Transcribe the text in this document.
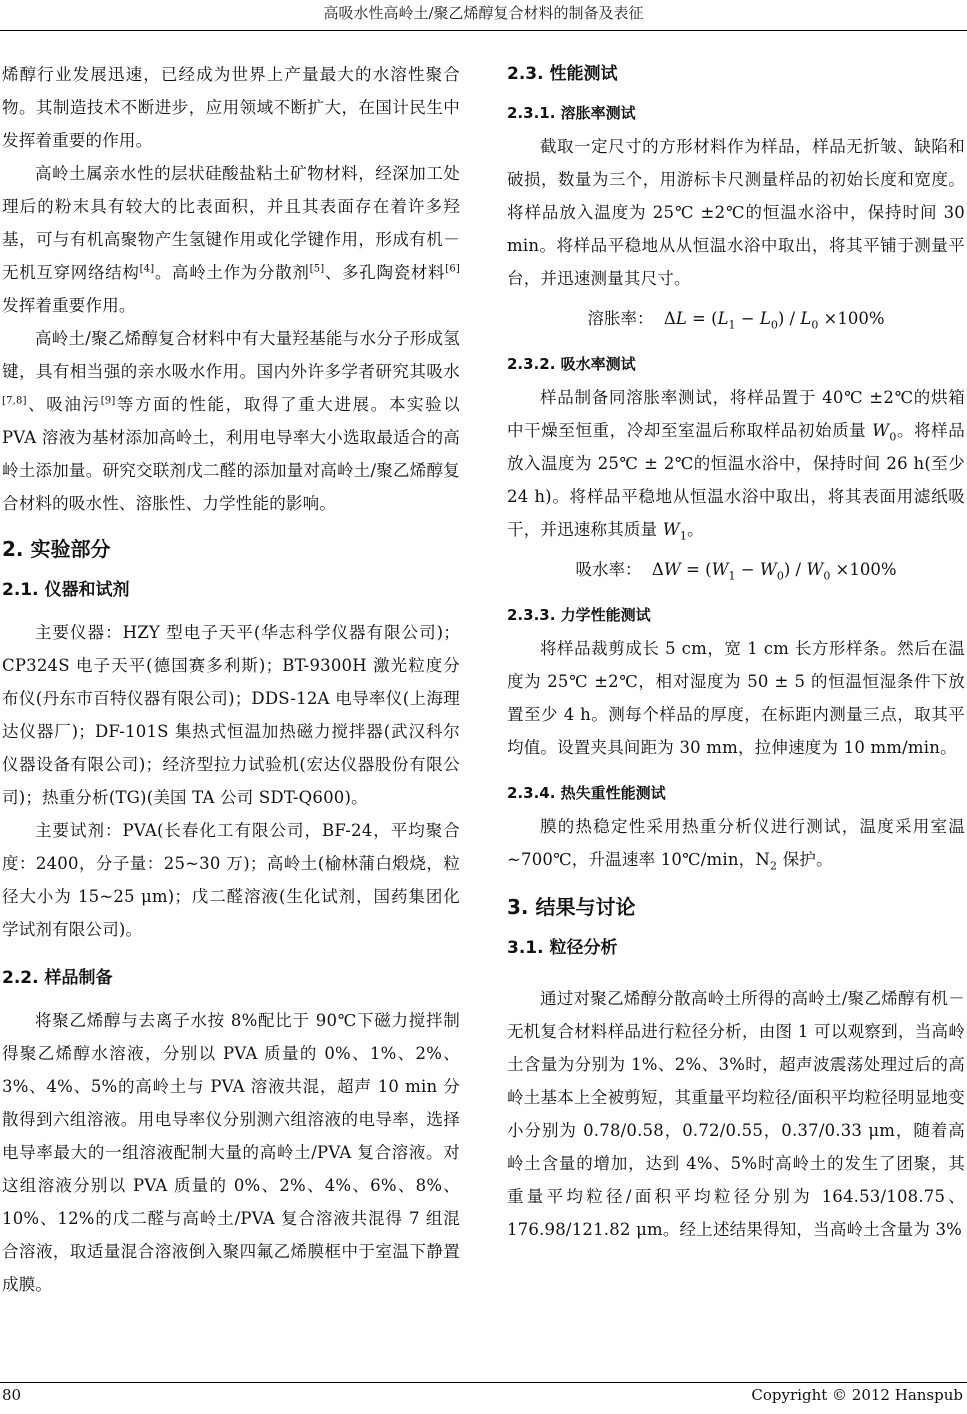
高吸水性高岭土/聚乙烯醇复合材料的制备及表征

烯醇行业发展迅速，已经成为世界上产量最大的水溶性聚合物。其制造技术不断进步，应用领域不断扩大，在国计民生中发挥着重要的作用。

高岭土属亲水性的层状硅酸盐粘土矿物材料，经深加工处理后的粉末具有较大的比表面积，并且其表面存在着许多羟基，可与有机高聚物产生氢键作用或化学键作用，形成有机－无机互穿网络结构[4]。高岭土作为分散剂[5]、多孔陶瓷材料[6]发挥着重要作用。

高岭土/聚乙烯醇复合材料中有大量羟基能与水分子形成氢键，具有相当强的亲水吸水作用。国内外许多学者研究其吸水[7,8]、吸油污[9]等方面的性能，取得了重大进展。本实验以 PVA 溶液为基材添加高岭土，利用电导率大小选取最适合的高岭土添加量。研究交联剂戊二醛的添加量对高岭土/聚乙烯醇复合材料的吸水性、溶胀性、力学性能的影响。

2. 实验部分
2.1. 仪器和试剂

主要仪器：HZY 型电子天平(华志科学仪器有限公司)；CP324S 电子天平(德国赛多利斯)；BT-9300H 激光粒度分布仪(丹东市百特仪器有限公司)；DDS-12A 电导率仪(上海理达仪器厂)；DF-101S 集热式恒温加热磁力搅拌器(武汉科尔仪器设备有限公司)；经济型拉力试验机(宏达仪器股份有限公司)；热重分析(TG)(美国 TA 公司 SDT-Q600)。

主要试剂：PVA(长春化工有限公司，BF-24，平均聚合度：2400，分子量：25~30 万)；高岭土(榆林蒲白煅烧，粒径大小为 15~25 μm)；戊二醛溶液(生化试剂，国药集团化学试剂有限公司)。

2.2. 样品制备

将聚乙烯醇与去离子水按 8%配比于 90℃下磁力搅拌制得聚乙烯醇水溶液，分别以 PVA 质量的 0%、1%、2%、3%、4%、5%的高岭土与 PVA 溶液共混，超声 10 min 分散得到六组溶液。用电导率仪分别测六组溶液的电导率，选择电导率最大的一组溶液配制大量的高岭土/PVA 复合溶液。对这组溶液分别以 PVA 质量的 0%、2%、4%、6%、8%、10%、12%的戊二醛与高岭土/PVA 复合溶液共混得 7 组混合溶液，取适量混合溶液倒入聚四氟乙烯膜框中于室温下静置成膜。

2.3. 性能测试
2.3.1. 溶胀率测试

截取一定尺寸的方形材料作为样品，样品无折皱、缺陷和破损，数量为三个，用游标卡尺测量样品的初始长度和宽度。将样品放入温度为 25℃ ±2℃的恒温水浴中，保持时间 30 min。将样品平稳地从从恒温水浴中取出，将其平铺于测量平台，并迅速测量其尺寸。

溶胀率：  $\Delta L = (L_1 - L_0) / L_0 \times 100\%$
2.3.2. 吸水率测试

样品制备同溶胀率测试，将样品置于 40℃ ±2℃的烘箱中干燥至恒重，冷却至室温后称取样品初始质量 $W_0$。将样品放入温度为 25℃ ± 2℃的恒温水浴中，保持时间 26 h(至少 24 h)。将样品平稳地从恒温水浴中取出，将其表面用滤纸吸干，并迅速称其质量 $W_1$。

吸水率：  $\Delta W = (W_1 - W_0) / W_0 \times 100\%$
2.3.3. 力学性能测试

将样品裁剪成长 5 cm，宽 1 cm 长方形样条。然后在温度为 25℃ ±2℃，相对湿度为 50 ± 5 的恒温恒湿条件下放置至少 4 h。测每个样品的厚度，在标距内测量三点，取其平均值。设置夹具间距为 30 mm，拉伸速度为 10 mm/min。

2.3.4. 热失重性能测试

膜的热稳定性采用热重分析仪进行测试，温度采用室温~700℃，升温速率 10℃/min，$N_2$ 保护。

3. 结果与讨论
3.1. 粒径分析

通过对聚乙烯醇分散高岭土所得的高岭土/聚乙烯醇有机－无机复合材料样品进行粒径分析，由图 1 可以观察到，当高岭土含量为分别为 1%、2%、3%时，超声波震荡处理过后的高岭土基本上全被剪短，其重量平均粒径/面积平均粒径明显地变小分别为 0.78/0.58，0.72/0.55，0.37/0.33 μm，随着高岭土含量的增加，达到 4%、5%时高岭土的发生了团聚，其重量平均粒径/面积平均粒径分别为 164.53/108.75、176.98/121.82 μm。经上述结果得知，当高岭土含量为 3%

80	Copyright © 2012 Hanspub
